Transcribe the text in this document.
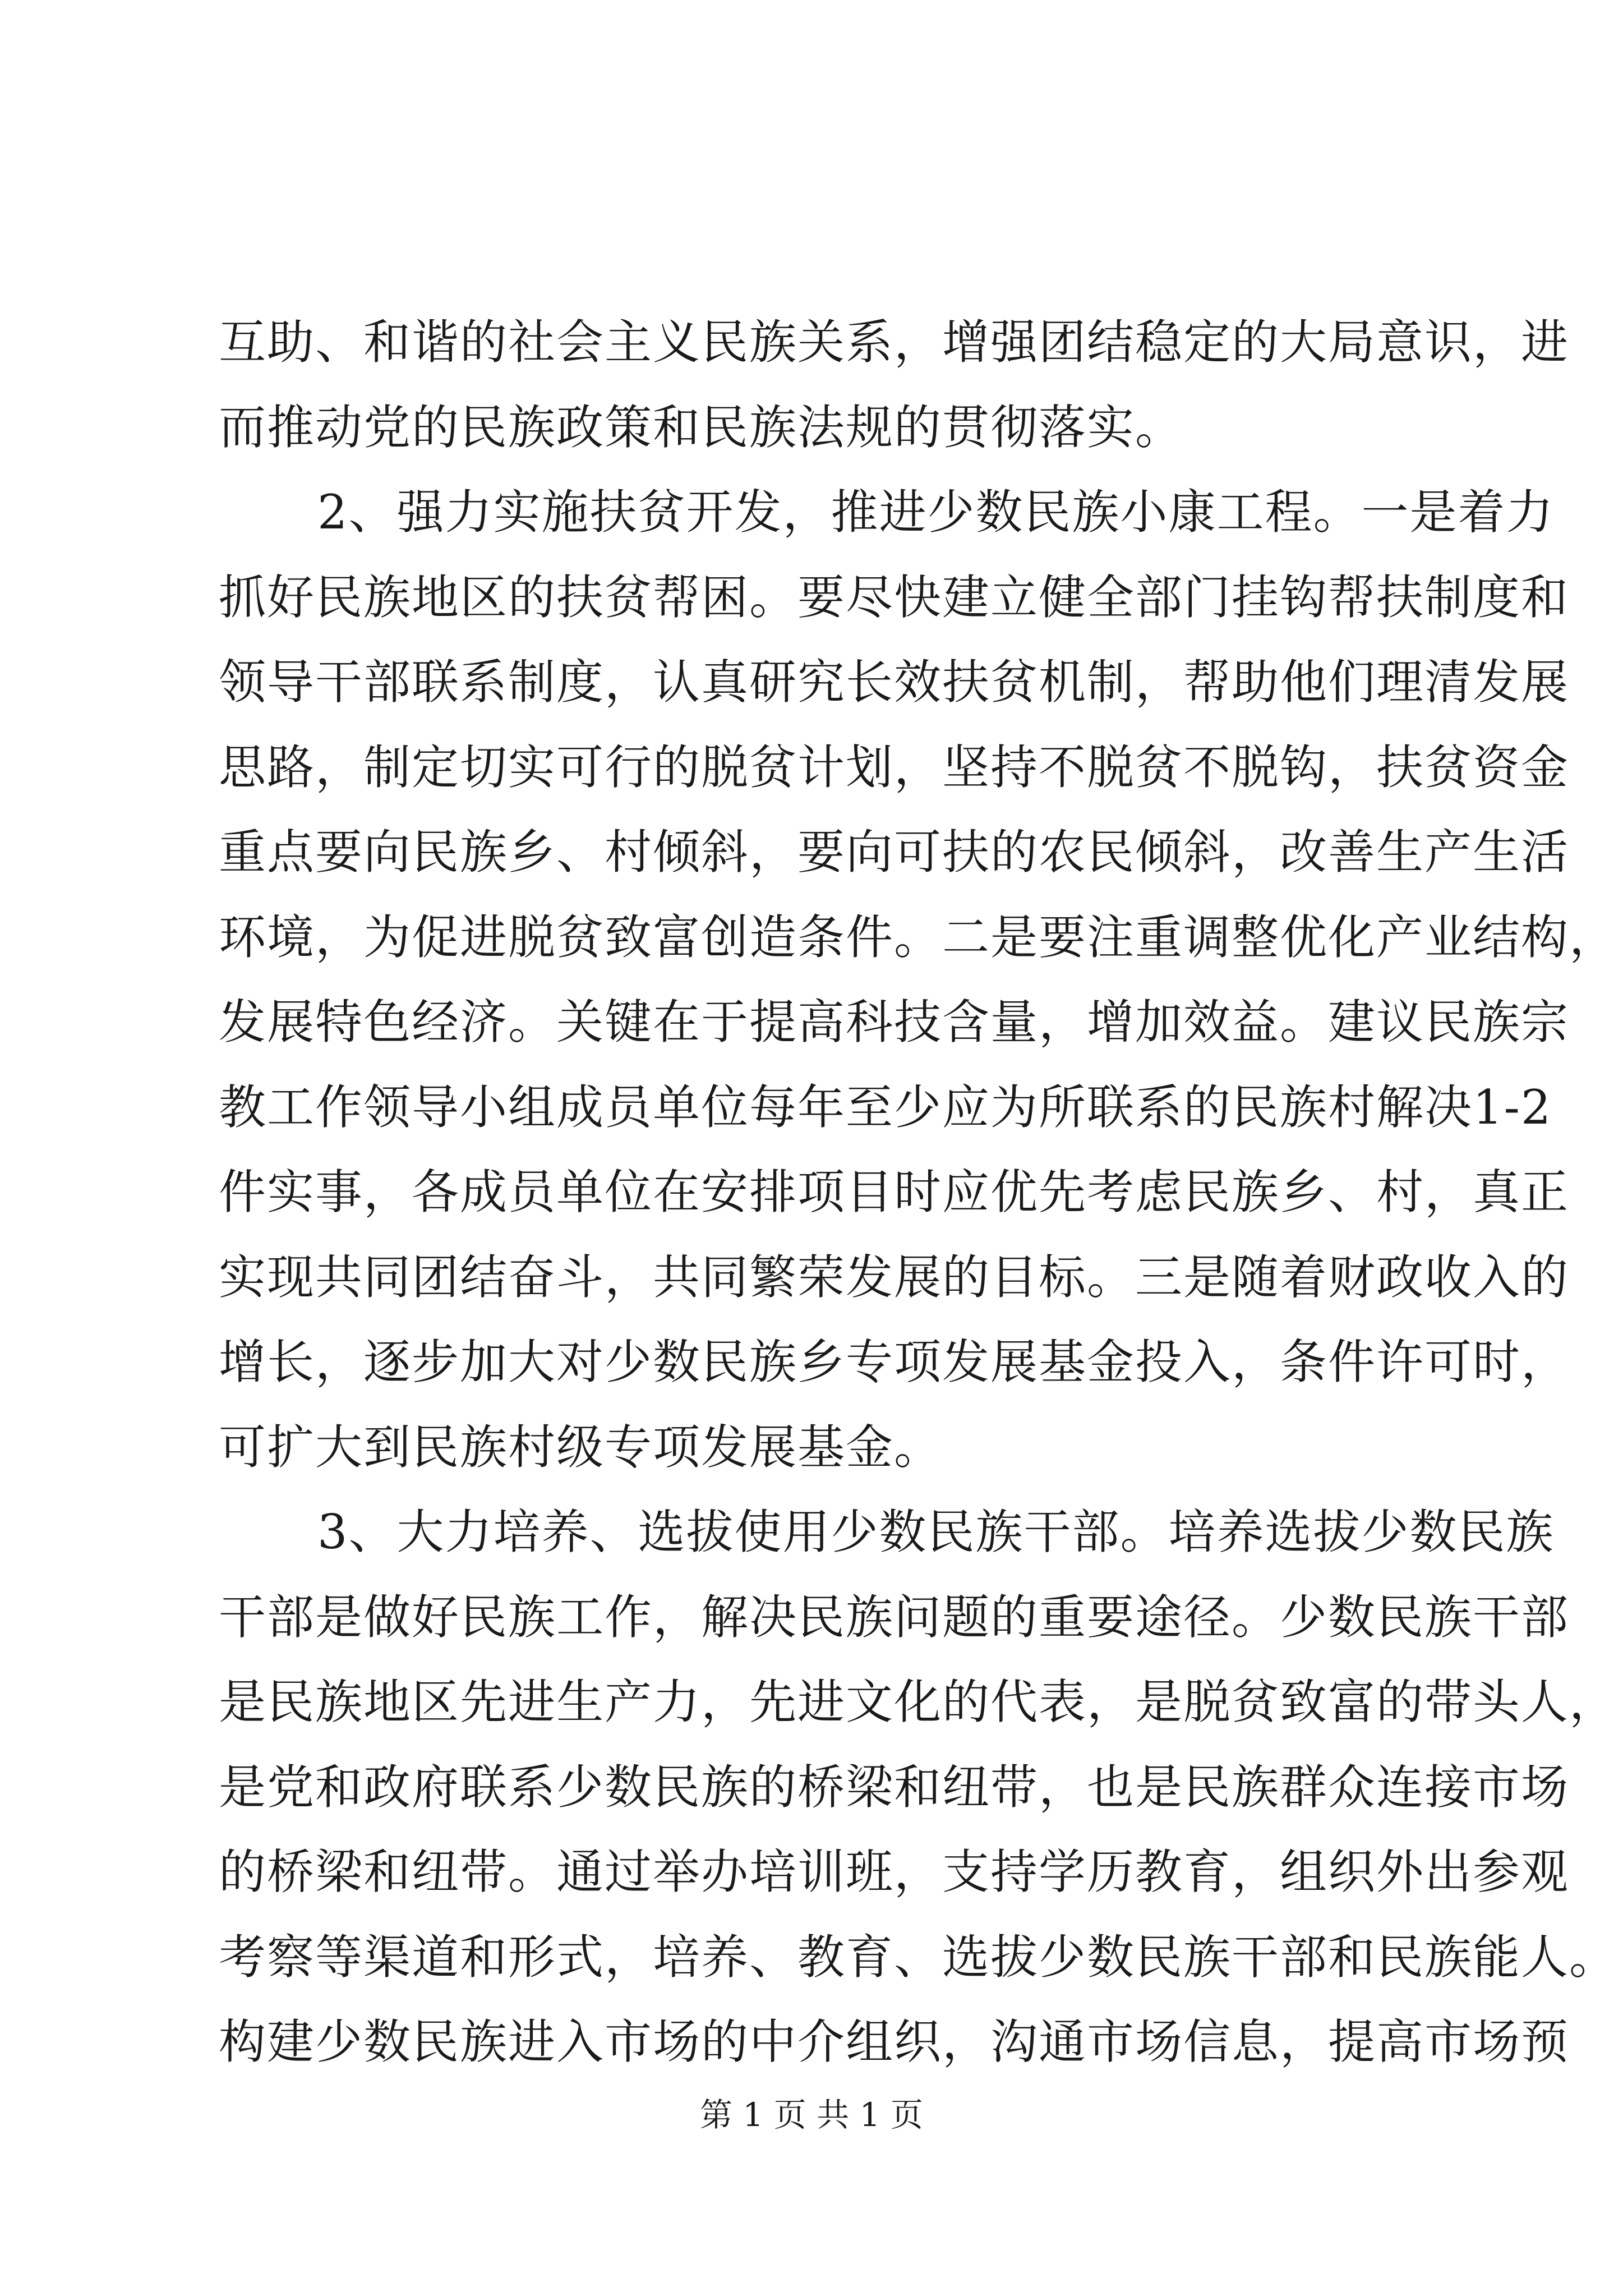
互助、和谐的社会主义民族关系，增强团结稳定的大局意识，进
而推动党的民族政策和民族法规的贯彻落实。
2、强力实施扶贫开发，推进少数民族小康工程。一是着力
抓好民族地区的扶贫帮困。要尽快建立健全部门挂钩帮扶制度和
领导干部联系制度，认真研究长效扶贫机制，帮助他们理清发展
思路，制定切实可行的脱贫计划，坚持不脱贫不脱钩，扶贫资金
重点要向民族乡、村倾斜，要向可扶的农民倾斜，改善生产生活
环境，为促进脱贫致富创造条件。二是要注重调整优化产业结构，
发展特色经济。关键在于提高科技含量，增加效益。建议民族宗
教工作领导小组成员单位每年至少应为所联系的民族村解决1-2
件实事，各成员单位在安排项目时应优先考虑民族乡、村，真正
实现共同团结奋斗，共同繁荣发展的目标。三是随着财政收入的
增长，逐步加大对少数民族乡专项发展基金投入，条件许可时，
可扩大到民族村级专项发展基金。
3、大力培养、选拔使用少数民族干部。培养选拔少数民族
干部是做好民族工作，解决民族问题的重要途径。少数民族干部
是民族地区先进生产力，先进文化的代表，是脱贫致富的带头人，
是党和政府联系少数民族的桥梁和纽带，也是民族群众连接市场
的桥梁和纽带。通过举办培训班，支持学历教育，组织外出参观
考察等渠道和形式，培养、教育、选拔少数民族干部和民族能人。
构建少数民族进入市场的中介组织，沟通市场信息，提高市场预
第 1 页 共 1 页
